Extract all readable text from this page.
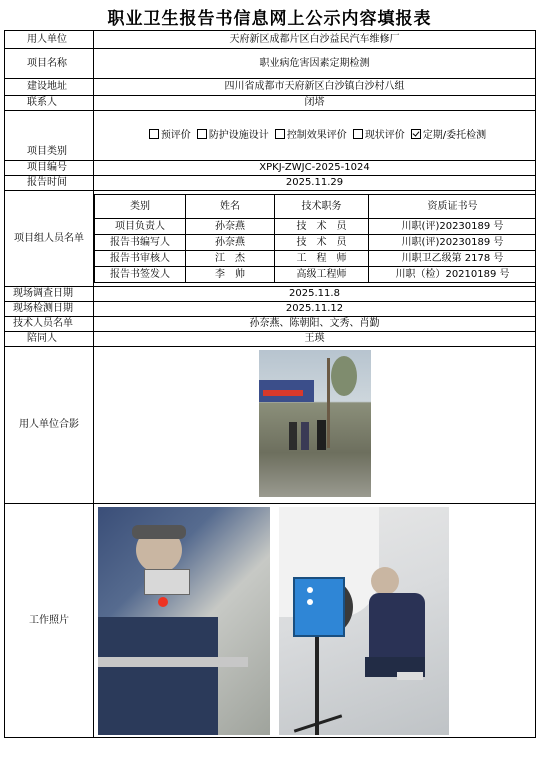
职业卫生报告书信息网上公示内容填报表
用人单位	天府新区成都片区白沙益民汽车维修厂
项目名称	职业病危害因素定期检测
建设地址	四川省成都市天府新区白沙镇白沙村八组
联系人	闭塔
项目类别	预评价 防护设施设计 控制效果评价 现状评价 定期/委托检测
项目编号	XPKJ-ZWJC-2025-1024
报告时间	2025.11.29
项目组人员名单	
类别	姓名	技术职务	资质证书号
项目负责人	孙奈燕	技　术　员	川职(评)20230189 号
报告书编写人	孙奈燕	技　术　员	川职(评)20230189 号
报告书审核人	江　杰	工　程　师	川职卫乙级第 2178 号
报告书签发人	李　帅	高级工程师	川职（检）20210189 号

现场调查日期	2025.11.8
现场检测日期	2025.11.12
技术人员名单	孙奈燕、陈朝阳、文秀、肖勤
陪同人	王瑛
用人单位合影	

工作照片	
